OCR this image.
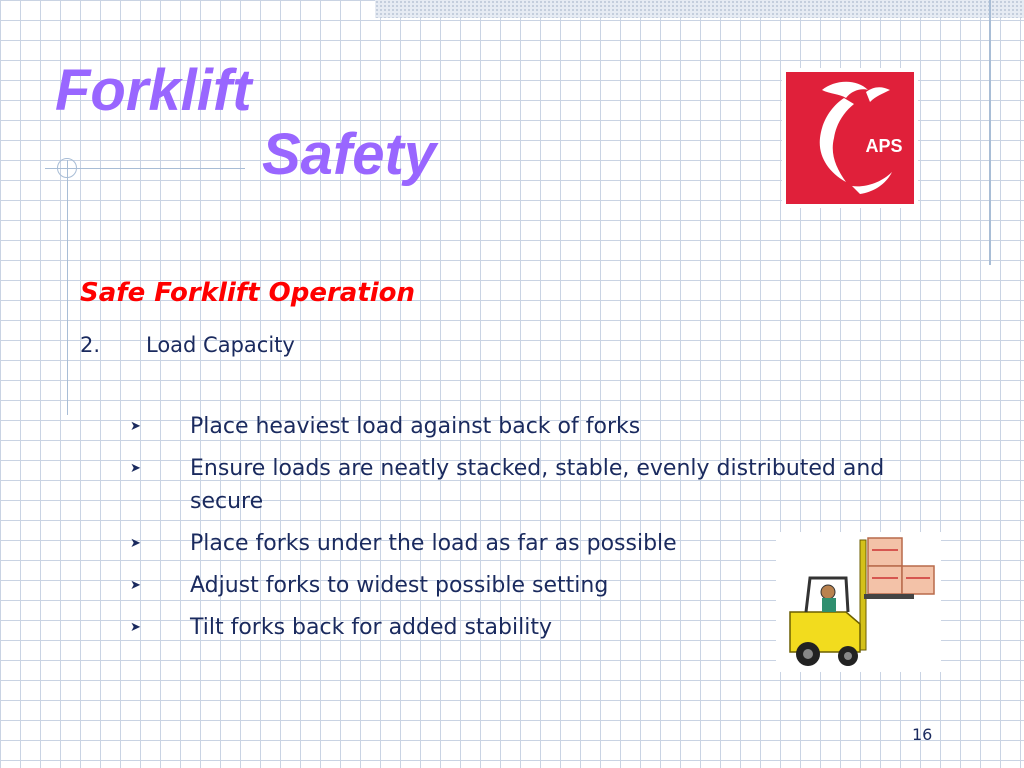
Forklift
Safety	APS
Safe Forklift Operation
2. Load Capacity
➤ Place heaviest load against back of forks
➤ Ensure loads are neatly stacked, stable, evenly distributed and secure
➤ Place forks under the load as far as possible
➤ Adjust forks to widest possible setting
➤ Tilt forks back for added stability
16
